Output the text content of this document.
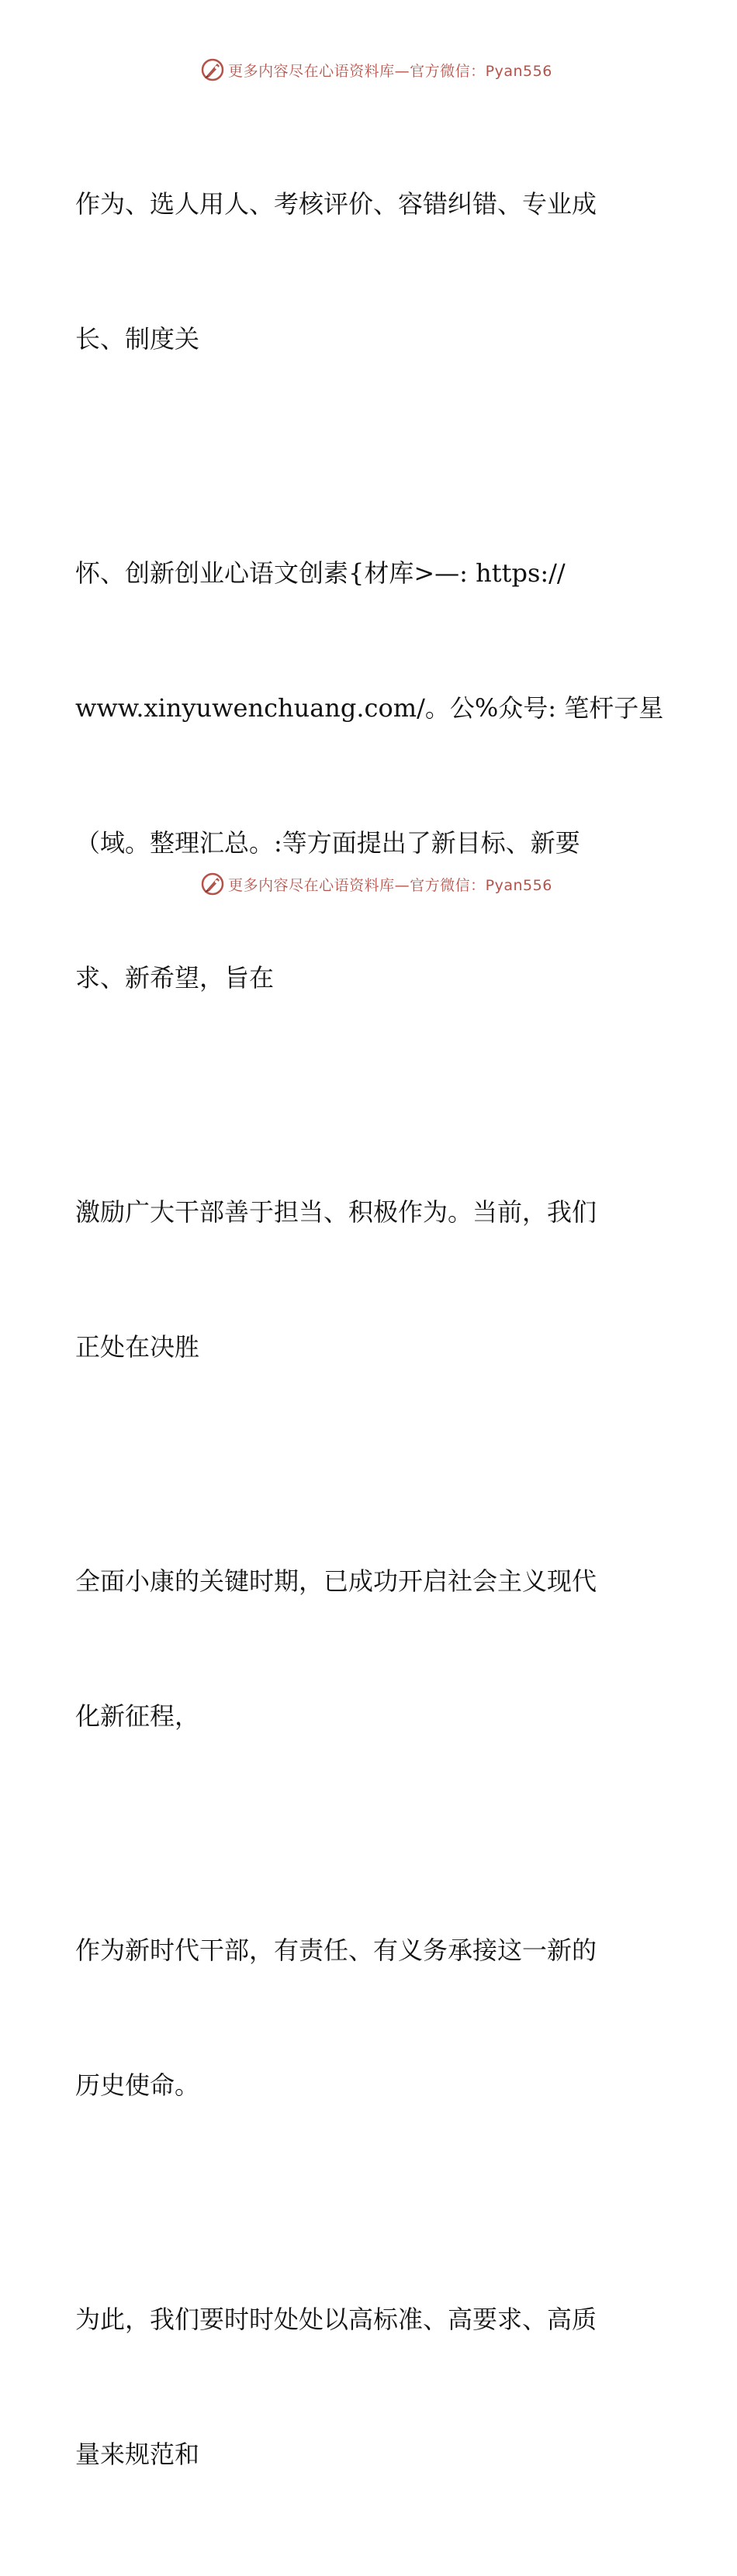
更多内容尽在心语资料库—官方微信：Pyan556

作为、选人用人、考核评价、容错纠错、专业成

长、制度关

怀、创新创业心语文创素{材库>—: https://

www.xinyuwenchuang.com/。公%众号: 笔杆子星

（域。整理汇总。:等方面提出了新目标、新要

求、新希望，旨在

激励广大干部善于担当、积极作为。当前，我们

正处在决胜

全面小康的关键时期，已成功开启社会主义现代

化新征程，

作为新时代干部，有责任、有义务承接这一新的

历史使命。

为此，我们要时时处处以高标准、高要求、高质

量来规范和

更多内容尽在心语资料库—官方微信：Pyan556
